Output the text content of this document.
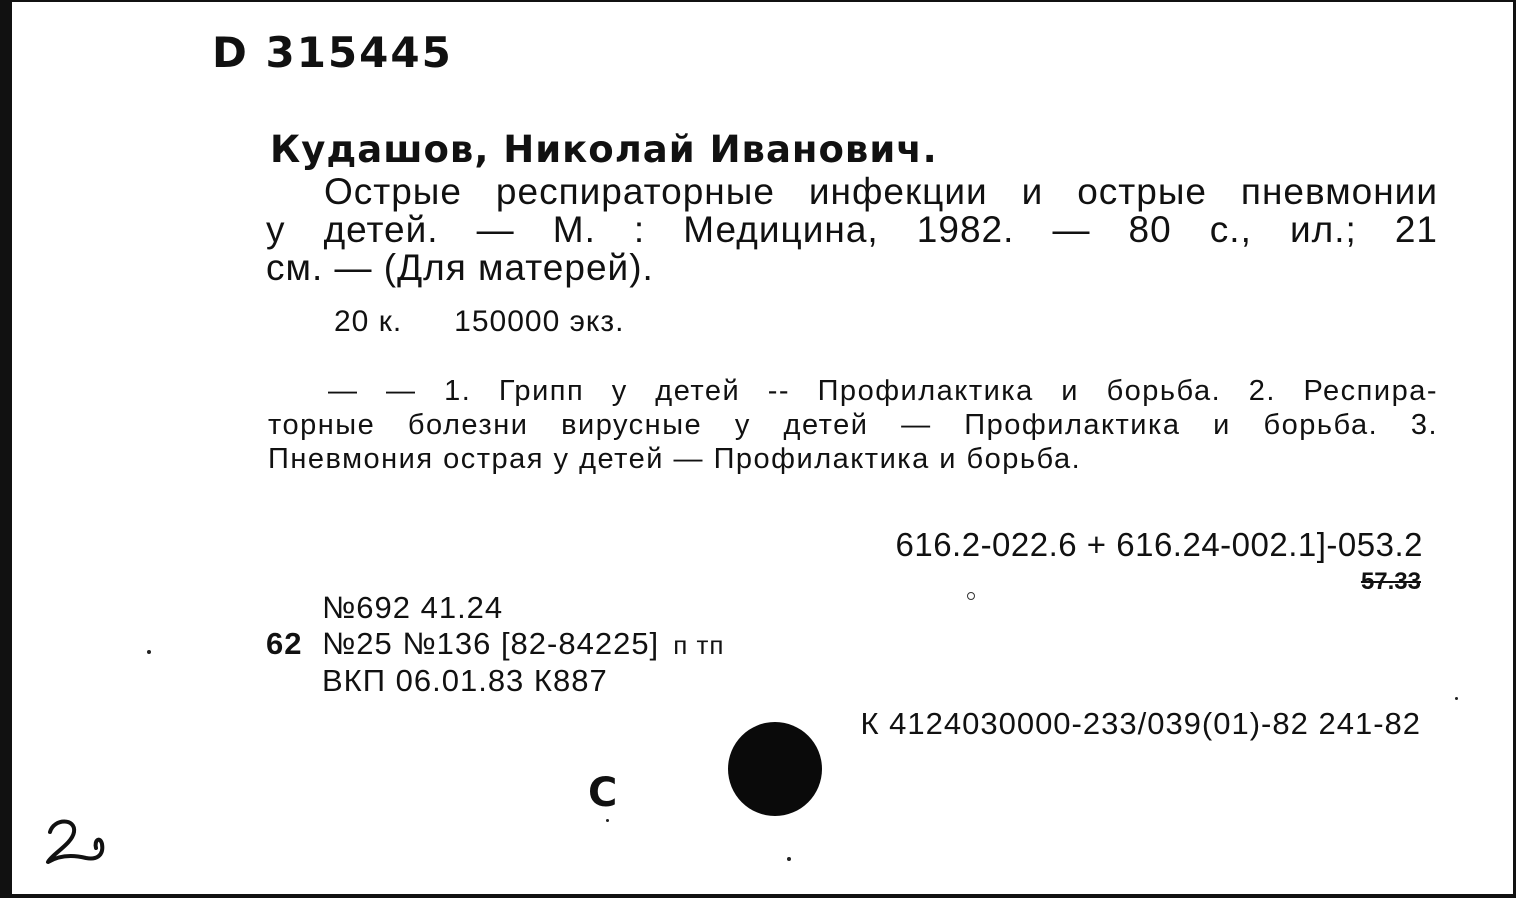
D 315445
Кудашов, Николай Иванович.
Острые респираторные инфекции и острые пневмонии
у детей. — М. : Медицина, 1982. — 80 с., ил.; 21
см. — (Для матерей).
20 к. 150000 экз.
— — 1. Грипп у детей -- Профилактика и борьба. 2. Респира-
торные болезни вирусные у детей — Профилактика и борьба. 3.
Пневмония острая у детей — Профилактика и борьба.
616.2-022.6 + 616.24-002.1]-053.2
57.33
№692 41.24
62 №25 №136 [82-84225] п тп
ВКП 06.01.83 К887
К 4124030000-233/039(01)-82 241-82
С
